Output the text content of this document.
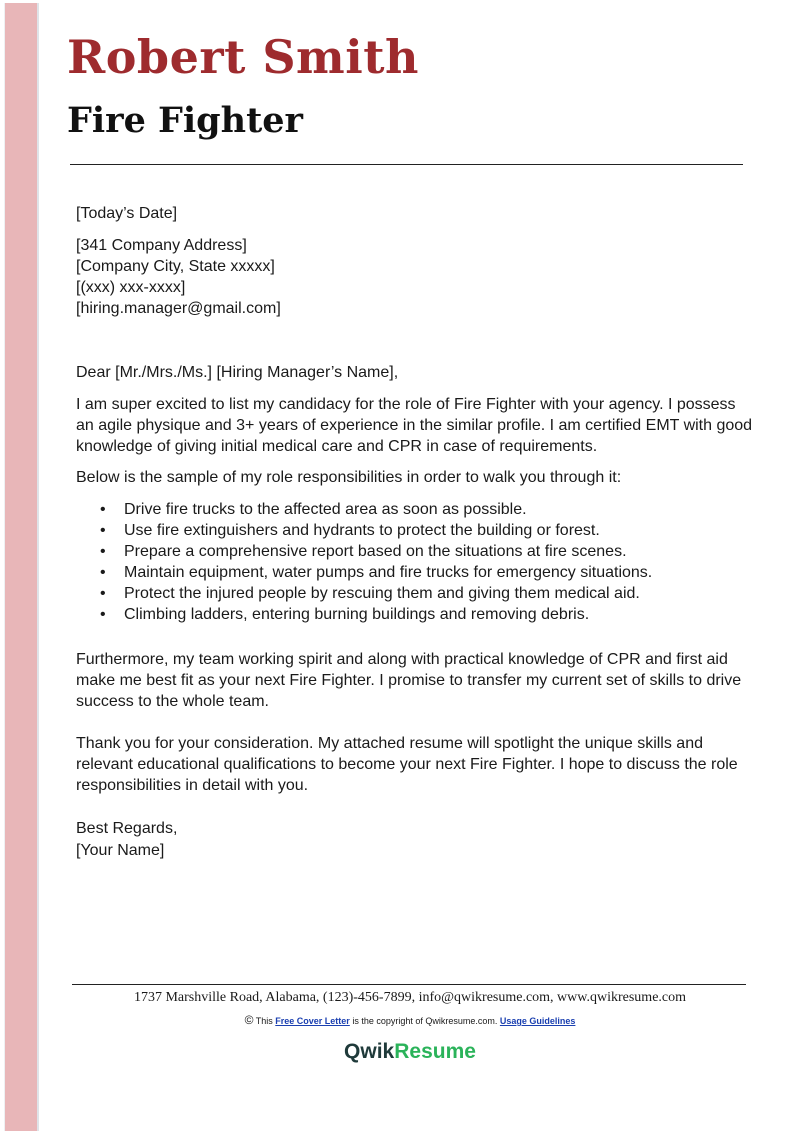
Robert Smith
Fire Fighter
[Today’s Date]

[341 Company Address]

[Company City, State xxxxx]

[(xxx) xxx-xxxx]

[hiring.manager@gmail.com]

Dear [Mr./Mrs./Ms.] [Hiring Manager’s Name],
I am super excited to list my candidacy for the role of Fire Fighter with your agency. I possess an agile physique and 3+ years of experience in the similar profile. I am certified EMT with good knowledge of giving initial medical care and CPR in case of requirements.
Below is the sample of my role responsibilities in order to walk you through it:
• Drive fire trucks to the affected area as soon as possible.
• Use fire extinguishers and hydrants to protect the building or forest.
• Prepare a comprehensive report based on the situations at fire scenes.
• Maintain equipment, water pumps and fire trucks for emergency situations.
• Protect the injured people by rescuing them and giving them medical aid.
• Climbing ladders, entering burning buildings and removing debris.
Furthermore, my team working spirit and along with practical knowledge of CPR and first aid make me best fit as your next Fire Fighter. I promise to transfer my current set of skills to drive success to the whole team.
Thank you for your consideration. My attached resume will spotlight the unique skills and relevant educational qualifications to become your next Fire Fighter. I hope to discuss the role responsibilities in detail with you.
Best Regards,
[Your Name]
1737 Marshville Road, Alabama, (123)-456-7899, info@qwikresume.com, www.qwikresume.com
© This Free Cover Letter is the copyright of Qwikresume.com. Usage Guidelines
QwikResume
